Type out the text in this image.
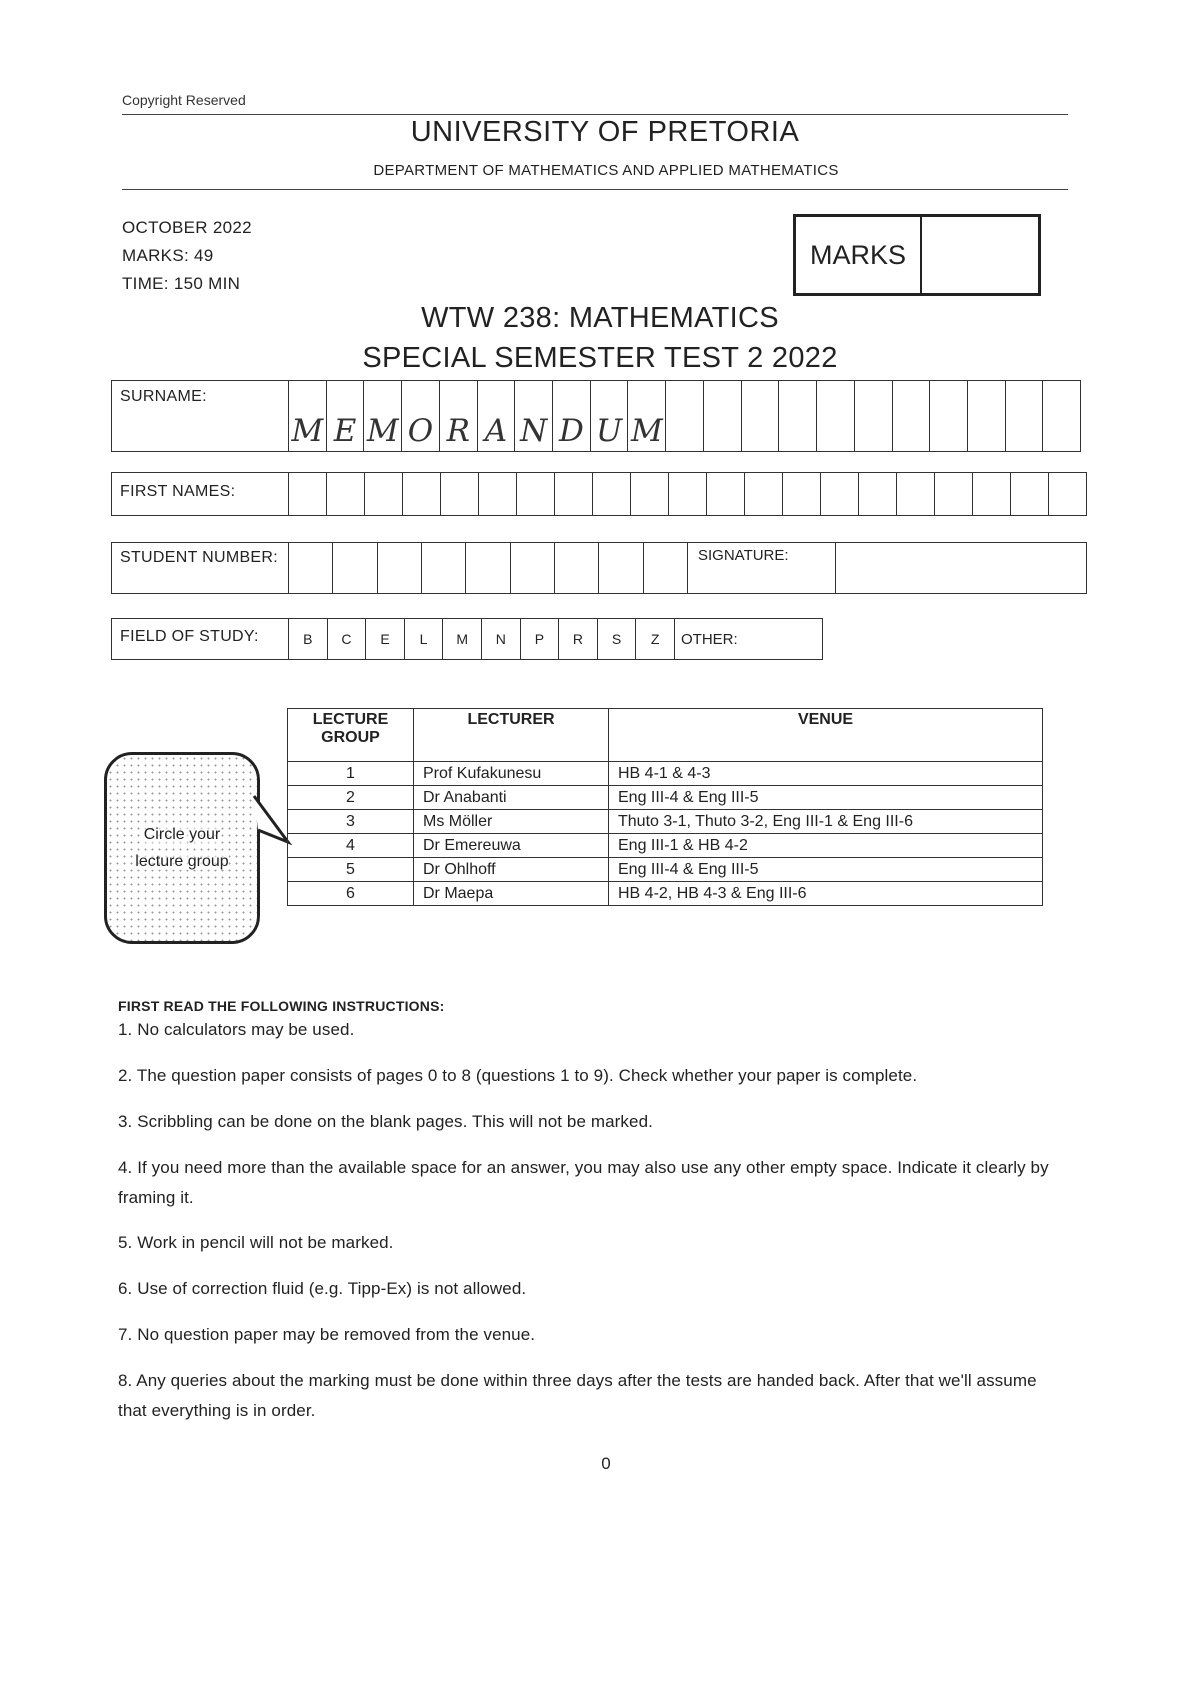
Copyright Reserved
UNIVERSITY OF PRETORIA
DEPARTMENT OF MATHEMATICS AND APPLIED MATHEMATICS
OCTOBER 2022
MARKS: 49
TIME: 150 MIN
MARKS
WTW 238: MATHEMATICS
SPECIAL SEMESTER TEST 2 2022
SURNAME:
M E M O R A N D U M
FIRST NAMES:
STUDENT NUMBER:	SIGNATURE:
FIELD OF STUDY:	B	C	E	L	M	N	P	R	S	Z	OTHER:
Circle your
lecture group
LECTURE GROUP	LECTURER	VENUE
1	Prof Kufakunesu	HB 4-1 & 4-3
2	Dr Anabanti	Eng III-4 & Eng III-5
3	Ms Möller	Thuto 3-1, Thuto 3-2, Eng III-1 & Eng III-6
4	Dr Emereuwa	Eng III-1 & HB 4-2
5	Dr Ohlhoff	Eng III-4 & Eng III-5
6	Dr Maepa	HB 4-2, HB 4-3 & Eng III-6
FIRST READ THE FOLLOWING INSTRUCTIONS:
1. No calculators may be used.
2. The question paper consists of pages 0 to 8 (questions 1 to 9). Check whether your paper is complete.
3. Scribbling can be done on the blank pages. This will not be marked.
4. If you need more than the available space for an answer, you may also use any other empty space. Indicate it clearly by framing it.
5. Work in pencil will not be marked.
6. Use of correction fluid (e.g. Tipp-Ex) is not allowed.
7. No question paper may be removed from the venue.
8. Any queries about the marking must be done within three days after the tests are handed back. After that we'll assume that everything is in order.
0
